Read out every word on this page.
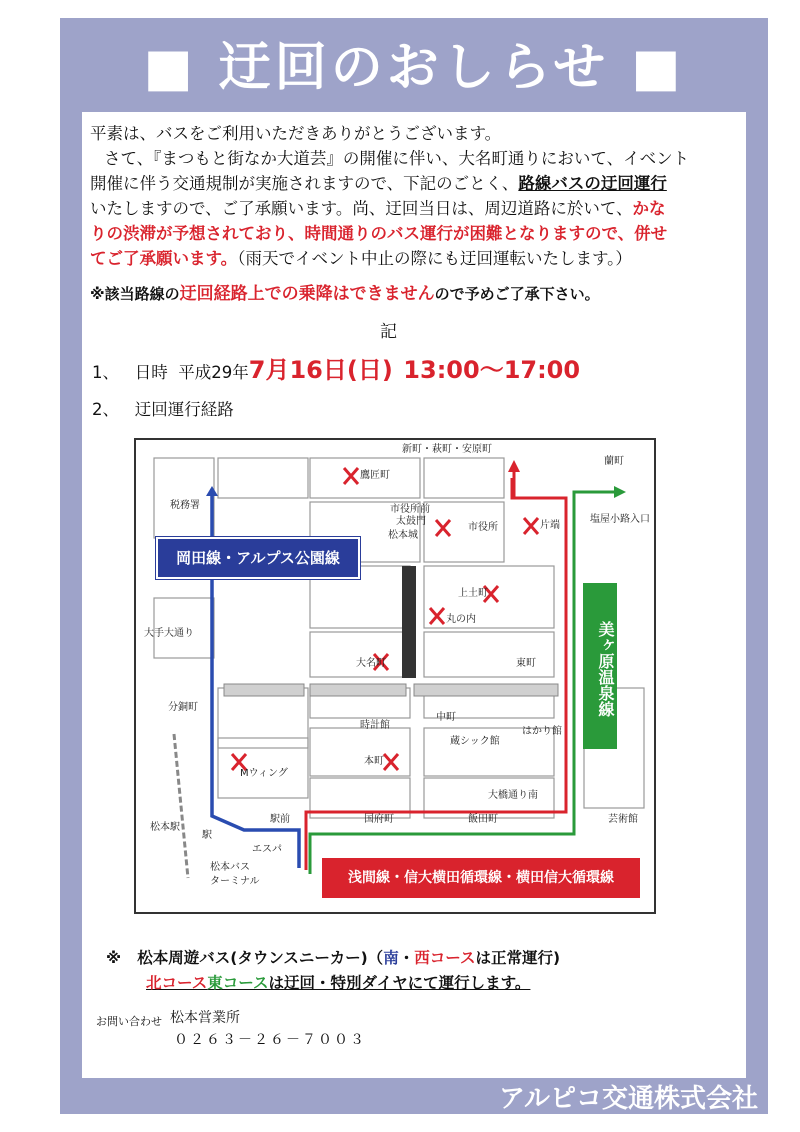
■ 迂回のおしらせ ■
平素は、バスをご利用いただきありがとうございます。
さて、『まつもと街なか大道芸』の開催に伴い、大名町通りにおいて、イベント
開催に伴う交通規制が実施されますので、下記のごとく、路線バスの迂回運行
いたしますので、ご了承願います。尚、迂回当日は、周辺道路に於いて、かな
りの渋滞が予想されており、時間通りのバス運行が困難となりますので、併せ
てご了承願います。（雨天でイベント中止の際にも迂回運転いたします。）
※該当路線の迂回経路上での乗降はできませんので予めご了承下さい。
記
1、 日時 平成29年7月16日(日) 13:00～17:00
2、 迂回運行経路
新町・萩町・安原町
鷹匠町
税務署	市役所前
太鼓門
松本城
市役所	片端
塩屋小路入口
蘭町
上土町
丸の内
大手大通り
大名町	東町
分銅町
時計館
中町
はかり館
蔵シック館
Mウィング
本町
大橋通り南
芸術館
駅前	国府町	飯田町
松本駅
駅
エスパ
松本バス
ターミナル
岡田線・アルプス公園線
美ヶ原温泉線
浅間線・信大横田循環線・横田信大循環線
※ 松本周遊バス(タウンスニーカー)（南・西コースは正常運行)
北コース東コースは迂回・特別ダイヤにて運行します。
お問い合わせ 松本営業所
０２６３－２６－７００３
アルピコ交通株式会社
